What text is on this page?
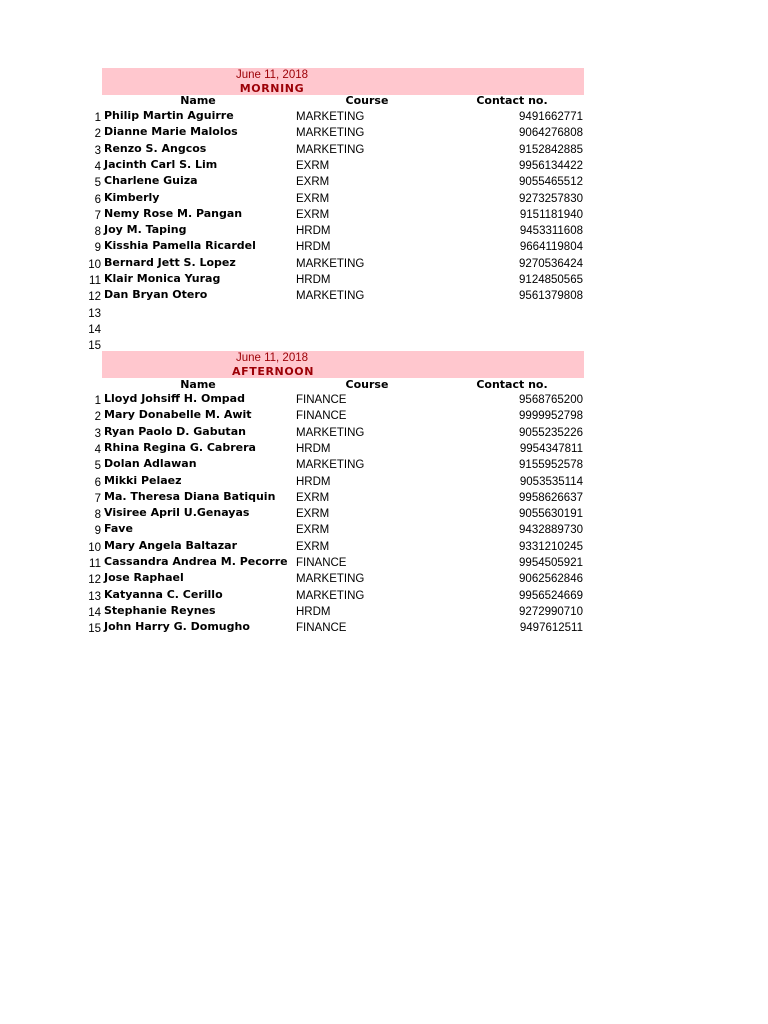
June 11, 2018
MORNING
Name	Course	Contact no.
1 Philip Martin Aguirre	MARKETING	9491662771
2 Dianne Marie Malolos	MARKETING	9064276808
3 Renzo S. Angcos	MARKETING	9152842885
4 Jacinth Carl S. Lim	EXRM	9956134422
5 Charlene Guiza	EXRM	9055465512
6 Kimberly	EXRM	9273257830
7 Nemy Rose M. Pangan	EXRM	9151181940
8 Joy M. Taping	HRDM	9453311608
9 Kisshia Pamella Ricardel	HRDM	9664119804
10 Bernard Jett S. Lopez	MARKETING	9270536424
11 Klair Monica Yurag	HRDM	9124850565
12 Dan Bryan Otero	MARKETING	9561379808
13
14
15
June 11, 2018
AFTERNOON
Name	Course	Contact no.
1 Lloyd Johsiff H. Ompad	FINANCE	9568765200
2 Mary Donabelle M. Awit	FINANCE	9999952798
3 Ryan Paolo D. Gabutan	MARKETING	9055235226
4 Rhina Regina G. Cabrera	HRDM	9954347811
5 Dolan Adlawan	MARKETING	9155952578
6 Mikki Pelaez	HRDM	9053535114
7 Ma. Theresa Diana Batiquin	EXRM	9958626637
8 Visiree April U.Genayas	EXRM	9055630191
9 Fave	EXRM	9432889730
10 Mary Angela Baltazar	EXRM	9331210245
11 Cassandra Andrea M. Pecorre FINANCE	9954505921
12 Jose Raphael	MARKETING	9062562846
13 Katyanna C. Cerillo	MARKETING	9956524669
14 Stephanie Reynes	HRDM	9272990710
15 John Harry G. Domugho	FINANCE	9497612511
